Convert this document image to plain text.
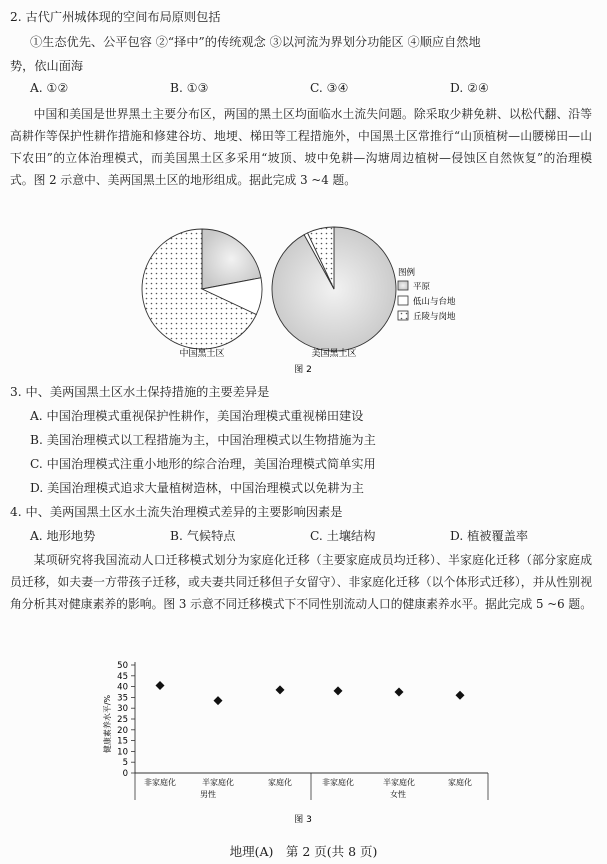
2. 古代广州城体现的空间布局原则包括
①生态优先、公平包容 ②“择中”的传统观念 ③以河流为界划分功能区 ④顺应自然地
势，依山面海
A. ①②	B. ①③	C. ③④	D. ②④
中国和美国是世界黑土主要分布区，两国的黑土区均面临水土流失问题。除采取少耕免耕、以松代翻、沿等高耕作等保护性耕作措施和修建谷坊、地埂、梯田等工程措施外，中国黑土区常推行“山顶植树—山腰梯田—山下农田”的立体治理模式，而美国黑土区多采用“坡顶、坡中免耕—沟塘周边植树—侵蚀区自然恢复”的治理模式。图 2 示意中、美两国黑土区的地形组成。据此完成 3 ~4 题。
中国黑土区	美国黑土区
图例
平原
低山与台地
丘陵与岗地
图 2
3. 中、美两国黑土区水土保持措施的主要差异是
A. 中国治理模式重视保护性耕作，美国治理模式重视梯田建设
B. 美国治理模式以工程措施为主，中国治理模式以生物措施为主
C. 中国治理模式注重小地形的综合治理，美国治理模式简单实用
D. 美国治理模式追求大量植树造林，中国治理模式以免耕为主
4. 中、美两国黑土区水土流失治理模式差异的主要影响因素是
A. 地形地势	B. 气候特点	C. 土壤结构	D. 植被覆盖率
某项研究将我国流动人口迁移模式划分为家庭化迁移（主要家庭成员均迁移）、半家庭化迁移（部分家庭成员迁移，如夫妻一方带孩子迁移，或夫妻共同迁移但子女留守）、非家庭化迁移（以个体形式迁移），并从性别视角分析其对健康素养的影响。图 3 示意不同迁移模式下不同性别流动人口的健康素养水平。据此完成 5 ~6 题。
健康素养水平/%
0
5
10
15
20
25
30
35
40
45
50
非家庭化	半家庭化	家庭化	非家庭化	半家庭化	家庭化
男性	女性
图 3
地理(A)　第 2 页(共 8 页)
